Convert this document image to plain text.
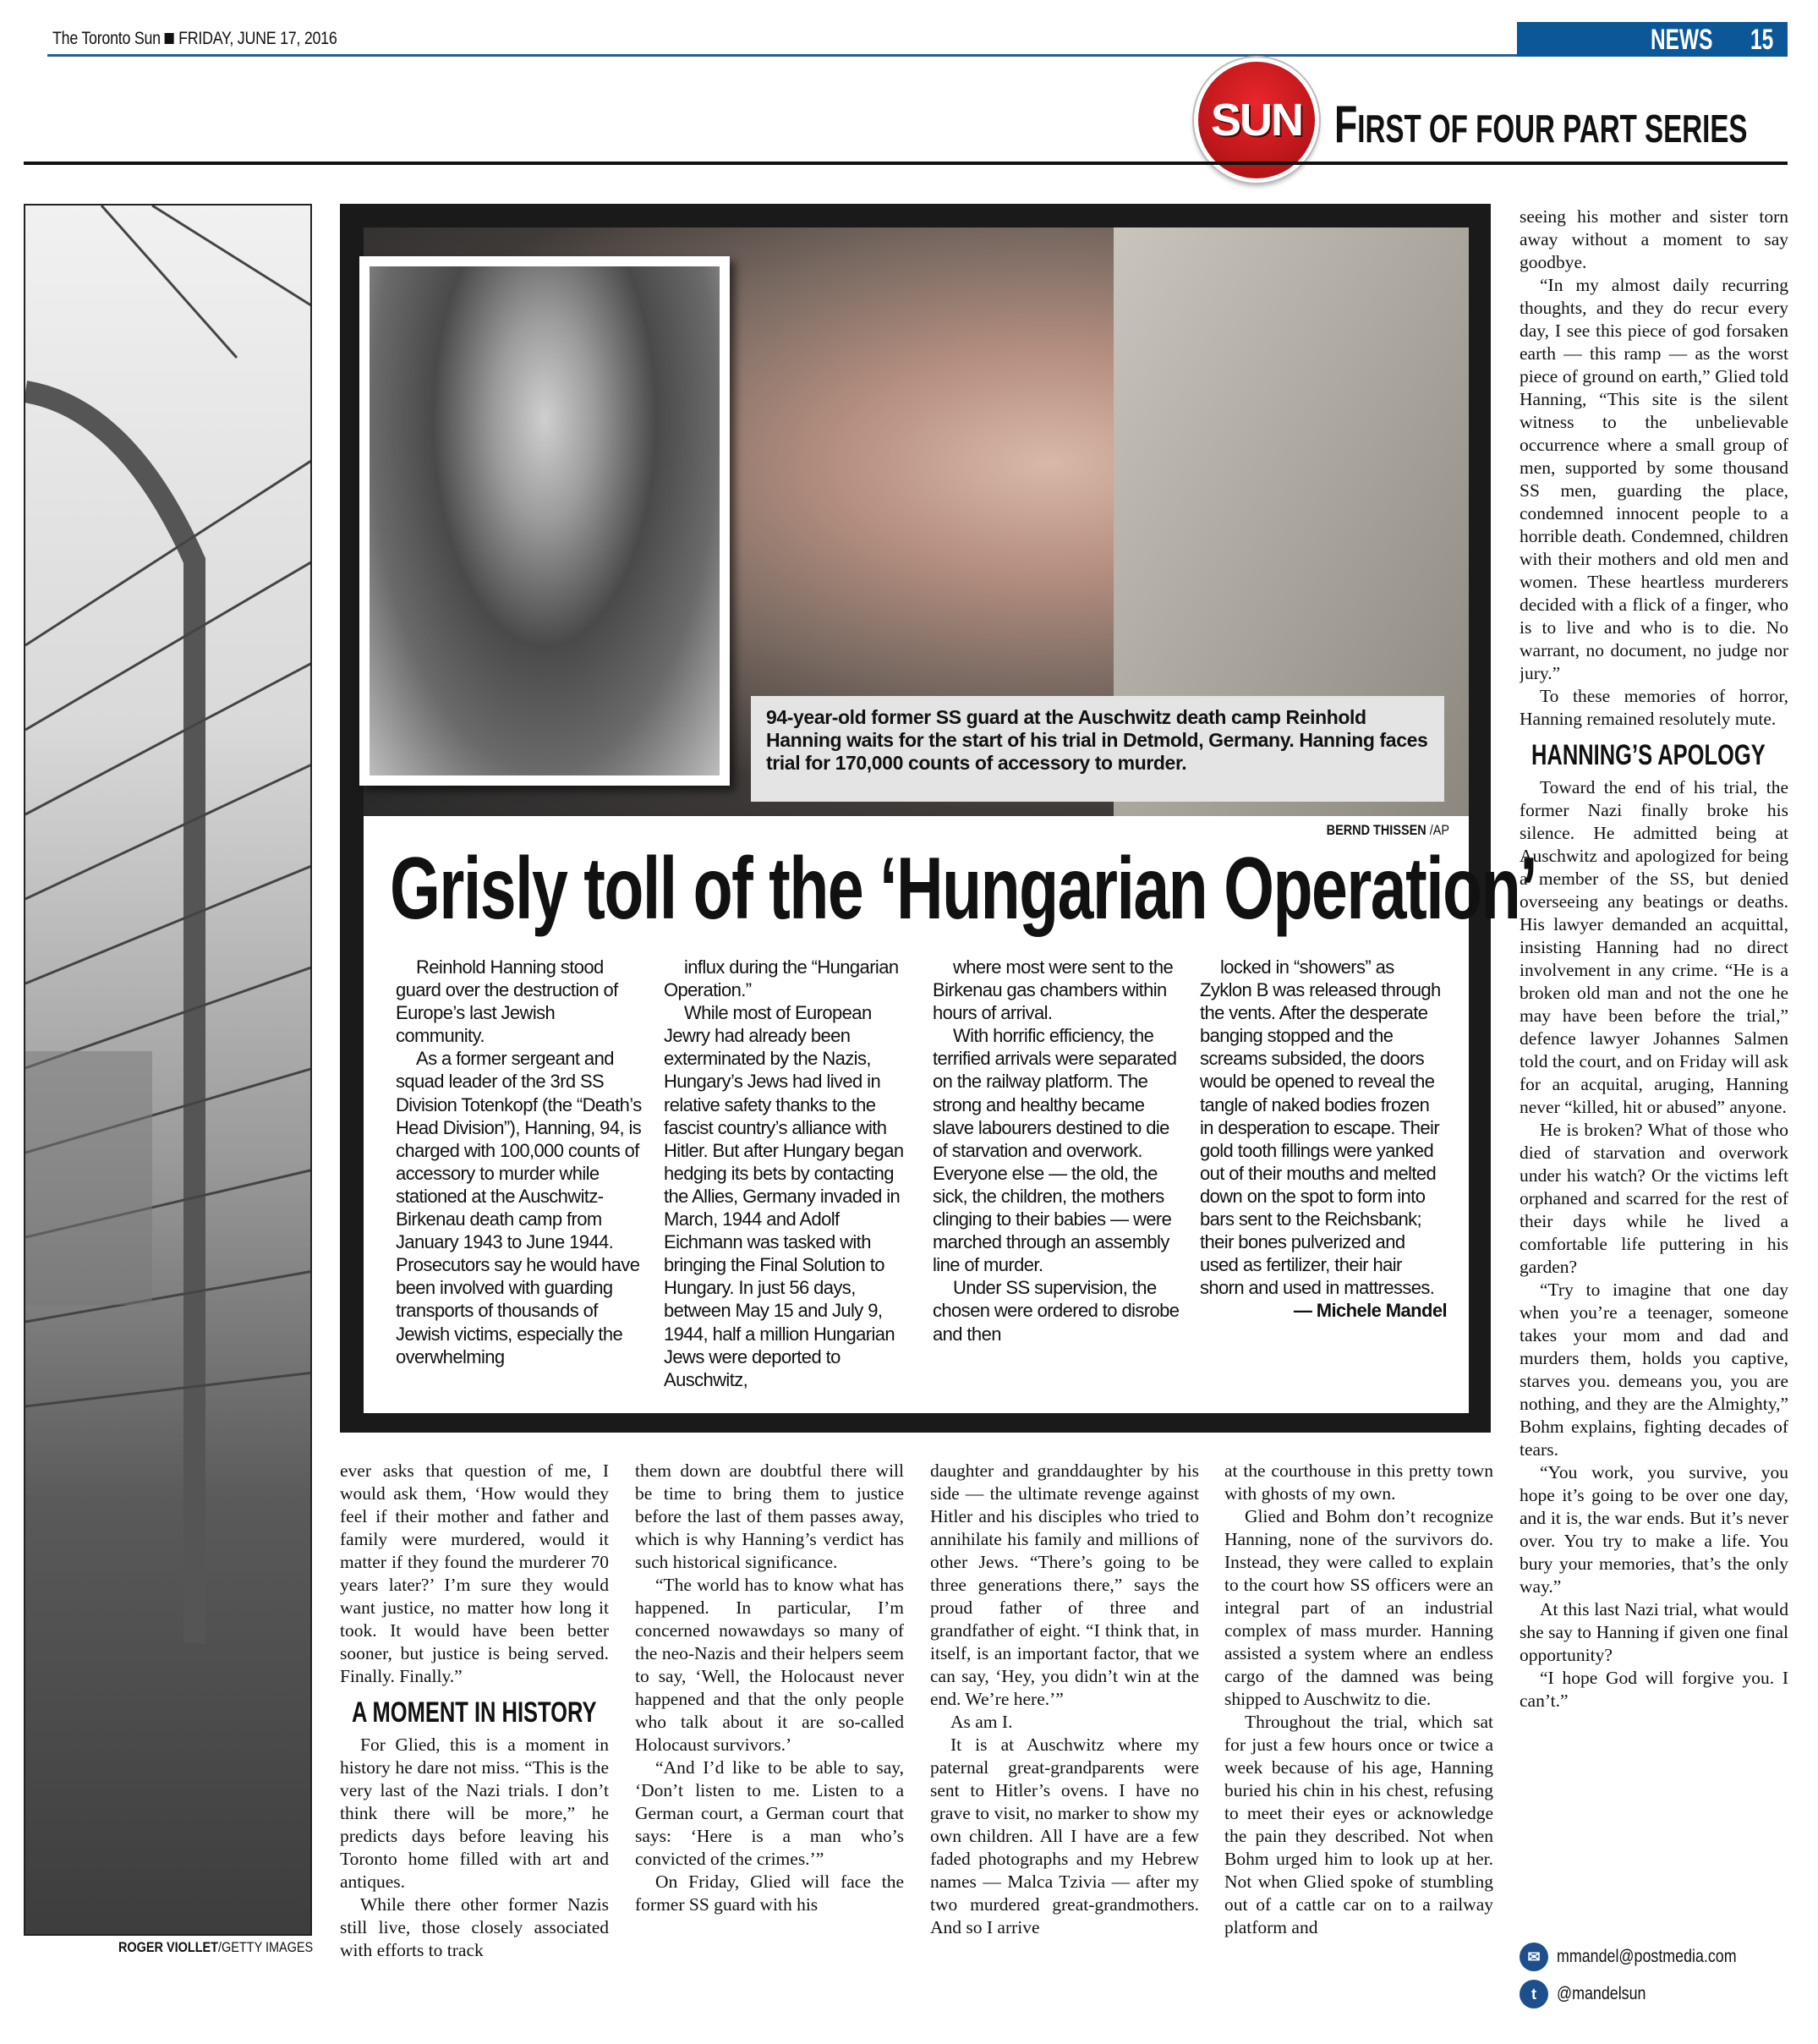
The Toronto Sun FRIDAY, JUNE 17, 2016	NEWS 15
SUN FIRST OF FOUR PART SERIES
ROGER VIOLLET/GETTY IMAGES
94-year-old former SS guard at the Auschwitz death camp Reinhold Hanning waits for the start of his trial in Detmold, Germany. Hanning faces trial for 170,000 counts of accessory to murder.
BERND THISSEN /AP
Grisly toll of the ‘Hungarian Operation’

Reinhold Hanning stood guard over the destruction of Europe’s last Jewish community.

As a former sergeant and squad leader of the 3rd SS Division Totenkopf (the “Death’s Head Division”), Hanning, 94, is charged with 100,000 counts of accessory to murder while stationed at the Auschwitz-Birkenau death camp from January 1943 to June 1944. Prosecutors say he would have been involved with guarding transports of thousands of Jewish victims, especially the overwhelming

influx during the “Hungarian Operation.”

While most of European Jewry had already been exterminated by the Nazis, Hungary’s Jews had lived in relative safety thanks to the fascist country’s alliance with Hitler. But after Hungary began hedging its bets by contacting the Allies, Germany invaded in March, 1944 and Adolf Eichmann was tasked with bringing the Final Solution to Hungary. In just 56 days, between May 15 and July 9, 1944, half a million Hungarian Jews were deported to Auschwitz,

where most were sent to the Birkenau gas chambers within hours of arrival.

With horrific efficiency, the terrified arrivals were separated on the railway platform. The strong and healthy became slave labourers destined to die of starvation and overwork. Everyone else — the old, the sick, the children, the mothers clinging to their babies — were marched through an assembly line of murder.

Under SS supervision, the chosen were ordered to disrobe and then

locked in “showers” as Zyklon B was released through the vents. After the desperate banging stopped and the screams subsided, the doors would be opened to reveal the tangle of naked bodies frozen in desperation to escape. Their gold tooth fillings were yanked out of their mouths and melted down on the spot to form into bars sent to the Reichsbank; their bones pulverized and used as fertilizer, their hair shorn and used in mattresses.

— Michele Mandel

ever asks that question of me, I would ask them, ‘How would they feel if their mother and father and family were murdered, would it matter if they found the murderer 70 years later?’ I’m sure they would want justice, no matter how long it took. It would have been better sooner, but justice is being served. Finally. Finally.”

A MOMENT IN HISTORY

For Glied, this is a moment in history he dare not miss. “This is the very last of the Nazi trials. I don’t think there will be more,” he predicts days before leaving his Toronto home filled with art and antiques.

While there other former Nazis still live, those closely associated with efforts to track

them down are doubtful there will be time to bring them to justice before the last of them passes away, which is why Hanning’s verdict has such historical significance.

“The world has to know what has happened. In particular, I’m concerned nowawdays so many of the neo-Nazis and their helpers seem to say, ‘Well, the Holocaust never happened and that the only people who talk about it are so-called Holocaust survivors.’

“And I’d like to be able to say, ‘Don’t listen to me. Listen to a German court, a German court that says: ‘Here is a man who’s convicted of the crimes.’”

On Friday, Glied will face the former SS guard with his

daughter and granddaughter by his side — the ultimate revenge against Hitler and his disciples who tried to annihilate his family and millions of other Jews. “There’s going to be three generations there,” says the proud father of three and grandfather of eight. “I think that, in itself, is an important factor, that we can say, ‘Hey, you didn’t win at the end. We’re here.’”

As am I.

It is at Auschwitz where my paternal great-grandparents were sent to Hitler’s ovens. I have no grave to visit, no marker to show my own children. All I have are a few faded photographs and my Hebrew names — Malca Tzivia — after my two murdered great-grandmothers. And so I arrive

at the courthouse in this pretty town with ghosts of my own.

Glied and Bohm don’t recognize Hanning, none of the survivors do. Instead, they were called to explain to the court how SS officers were an integral part of an industrial complex of mass murder. Hanning assisted a system where an endless cargo of the damned was being shipped to Auschwitz to die.

Throughout the trial, which sat for just a few hours once or twice a week because of his age, Hanning buried his chin in his chest, refusing to meet their eyes or acknowledge the pain they described. Not when Bohm urged him to look up at her. Not when Glied spoke of stumbling out of a cattle car on to a railway platform and

seeing his mother and sister torn away without a moment to say goodbye.

“In my almost daily recurring thoughts, and they do recur every day, I see this piece of god forsaken earth — this ramp — as the worst piece of ground on earth,” Glied told Hanning, “This site is the silent witness to the unbelievable occurrence where a small group of men, supported by some thousand SS men, guarding the place, condemned innocent people to a horrible death. Condemned, children with their mothers and old men and women. These heartless murderers decided with a flick of a finger, who is to live and who is to die. No warrant, no document, no judge nor jury.”

To these memories of horror, Hanning remained resolutely mute.

HANNING’S APOLOGY

Toward the end of his trial, the former Nazi finally broke his silence. He admitted being at Auschwitz and apologized for being a member of the SS, but denied overseeing any beatings or deaths. His lawyer demanded an acquittal, insisting Hanning had no direct involvement in any crime. “He is a broken old man and not the one he may have been before the trial,” defence lawyer Johannes Salmen told the court, and on Friday will ask for an acquital, aruging, Hanning never “killed, hit or abused” anyone.

He is broken? What of those who died of starvation and overwork under his watch? Or the victims left orphaned and scarred for the rest of their days while he lived a comfortable life puttering in his garden?

“Try to imagine that one day when you’re a teenager, someone takes your mom and dad and murders them, holds you captive, starves you. demeans you, you are nothing, and they are the Almighty,” Bohm explains, fighting decades of tears.

“You work, you survive, you hope it’s going to be over one day, and it is, the war ends. But it’s never over. You try to make a life. You bury your memories, that’s the only way.”

At this last Nazi trial, what would she say to Hanning if given one final opportunity?

“I hope God will forgive you. I can’t.”

✉ mmandel@postmedia.com
t	@mandelsun
